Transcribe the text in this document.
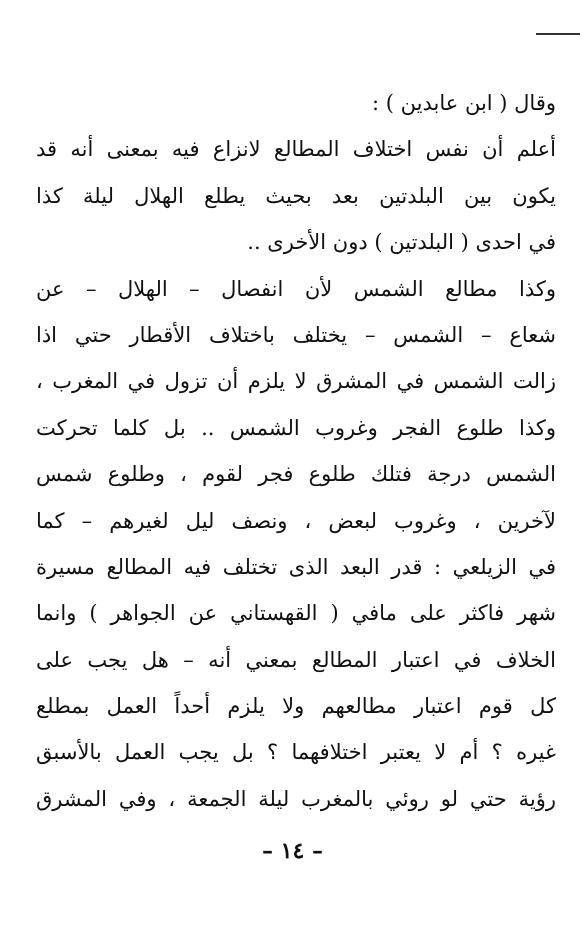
وقال ( ابن عابدين ) :
أعلم أن نفس اختلاف المطالع لانزاع فيه بمعنى أنه قد
يكون بين البلدتين بعد بحيث يطلع الهلال ليلة كذا
في احدى ( البلدتين ) دون الأخرى ..
وكذا مطالع الشمس لأن انفصال – الهلال – عن
شعاع – الشمس – يختلف باختلاف الأقطار حتي اذا
زالت الشمس في المشرق لا يلزم أن تزول في المغرب ،
وكذا طلوع الفجر وغروب الشمس .. بل كلما تحركت
الشمس درجة فتلك طلوع فجر لقوم ، وطلوع شمس
لآخرين ، وغروب لبعض ، ونصف ليل لغيرهم – كما
في الزيلعي : قدر البعد الذى تختلف فيه المطالع مسيرة
شهر فاكثر على مافي ( القهستاني عن الجواهر ) وانما
الخلاف في اعتبار المطالع بمعني أنه – هل يجب على
كل قوم اعتبار مطالعهم ولا يلزم أحداً العمل بمطلع
غيره ؟ أم لا يعتبر اختلافهما ؟ بل يجب العمل بالأسبق
رؤية حتي لو روئي بالمغرب ليلة الجمعة ، وفي المشرق
– ١٤ –
